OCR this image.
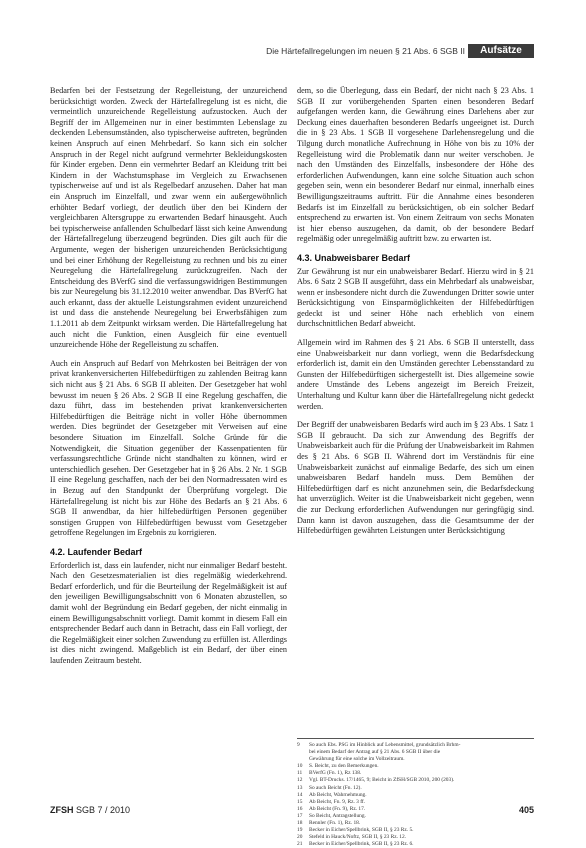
Die Härtefallregelungen im neuen § 21 Abs. 6 SGB II	Aufsätze

Bedarfen bei der Festsetzung der Regelleistung, der unzureichend berücksichtigt worden. Zweck der Härtefallregelung ist es nicht, die vermeintlich unzureichende Regelleistung aufzustocken. Auch der Begriff der im Allgemeinen nur in einer bestimmten Lebenslage zu deckenden Lebensumständen, also typischerweise auftreten, begründen keinen Anspruch auf einen Mehrbedarf. So kann sich ein solcher Anspruch in der Regel nicht aufgrund vermehrter Bekleidungskosten für Kinder ergeben. Denn ein vermehrter Bedarf an Kleidung tritt bei Kindern in der Wachstumsphase im Vergleich zu Erwachsenen typischerweise auf und ist als Regelbedarf anzusehen. Daher hat man ein Anspruch im Einzelfall, und zwar wenn ein außergewöhnlich erhöhter Bedarf vorliegt, der deutlich über den bei Kindern der vergleichbaren Altersgruppe zu erwartenden Bedarf hinausgeht. Auch bei typischerweise anfallenden Schulbedarf lässt sich keine Anwendung der Härtefallregelung überzeugend begründen. Dies gilt auch für die Argumente, wegen der bisherigen unzureichenden Berücksichtigung und bei einer Erhöhung der Regelleistung zu rechnen und bis zu einer Neuregelung die Härtefallregelung zurückzugreifen. Nach der Entscheidung des BVerfG sind die verfassungswidrigen Bestimmungen bis zur Neuregelung bis 31.12.2010 weiter anwendbar. Das BVerfG hat auch erkannt, dass der aktuelle Leistungsrahmen evident unzureichend ist und dass die anstehende Neuregelung bei Erwerbsfähigen zum 1.1.2011 ab dem Zeitpunkt wirksam werden. Die Härtefallregelung hat auch nicht die Funktion, einen Ausgleich für eine eventuell unzureichende Höhe der Regelleistung zu schaffen.

Auch ein Anspruch auf Bedarf von Mehrkosten bei Beiträgen der von privat krankenversicherten Hilfebedürftigen zu zahlenden Beitrag kann sich nicht aus § 21 Abs. 6 SGB II ableiten. Der Gesetzgeber hat wohl bewusst im neuen § 26 Abs. 2 SGB II eine Regelung geschaffen, die dazu führt, dass im bestehenden privat krankenversicherten Hilfebedürftigen die Beiträge nicht in voller Höhe übernommen werden. Dies begründet der Gesetzgeber mit Verweisen auf eine besondere Situation im Einzelfall. Solche Gründe für die Notwendigkeit, die Situation gegenüber der Kassenpatienten für verfassungsrechtliche Gründe nicht standhalten zu können, wird er unterschiedlich gesehen. Der Gesetzgeber hat in § 26 Abs. 2 Nr. 1 SGB II eine Regelung geschaffen, nach der bei den Normadressaten wird es in Bezug auf den Standpunkt der Überprüfung vorgelegt. Die Härtefallregelung ist nicht bis zur Höhe des Bedarfs an § 21 Abs. 6 SGB II anwendbar, da hier hilfebedürftigen Personen gegenüber sonstigen Gruppen von Hilfebedürftigen bewusst vom Gesetzgeber getroffene Regelungen im Ergebnis zu korrigieren.

4.2. Laufender Bedarf

Erforderlich ist, dass ein laufender, nicht nur einmaliger Bedarf besteht. Nach den Gesetzesmaterialien ist dies regelmäßig wiederkehrend. Bedarf erforderlich, und für die Beurteilung der Regelmäßigkeit ist auf den jeweiligen Bewilligungsabschnitt von 6 Monaten abzustellen, so damit wohl der Begründung ein Bedarf gegeben, der nicht einmalig in einem Bewilligungsabschnitt vorliegt. Damit kommt in diesem Fall ein entsprechender Bedarf auch dann in Betracht, dass ein Fall vorliegt, der die Regelmäßigkeit einer solchen Zuwendung zu erfüllen ist. Allerdings ist dies nicht zwingend. Maßgeblich ist ein Bedarf, der über einen laufenden Zeitraum besteht.

dem, so die Überlegung, dass ein Bedarf, der nicht nach § 23 Abs. 1 SGB II zur vorübergehenden Sparten einen besonderen Bedarf aufgefangen werden kann, die Gewährung eines Darlehens aber zur Deckung eines dauerhaften besonderen Bedarfs ungeeignet ist. Durch die in § 23 Abs. 1 SGB II vorgesehene Darlehensregelung und die Tilgung durch monatliche Aufrechnung in Höhe von bis zu 10% der Regelleistung wird die Problematik dann nur weiter verschoben. Je nach den Umständen des Einzelfalls, insbesondere der Höhe des erforderlichen Aufwendungen, kann eine solche Situation auch schon gegeben sein, wenn ein besonderer Bedarf nur einmal, innerhalb eines Bewilligungszeitraums auftritt. Für die Annahme eines besonderen Bedarfs ist im Einzelfall zu berücksichtigen, ob ein solcher Bedarf entsprechend zu erwarten ist. Von einem Zeitraum von sechs Monaten ist hier ebenso auszugehen, da damit, ob der besondere Bedarf regelmäßig oder unregelmäßig auftritt bzw. zu erwarten ist.

4.3. Unabweisbarer Bedarf

Zur Gewährung ist nur ein unabweisbarer Bedarf. Hierzu wird in § 21 Abs. 6 Satz 2 SGB II ausgeführt, dass ein Mehrbedarf als unabweisbar, wenn er insbesondere nicht durch die Zuwendungen Dritter sowie unter Berücksichtigung von Einsparmöglichkeiten der Hilfebedürftigen gedeckt ist und seiner Höhe nach erheblich von einem durchschnittlichen Bedarf abweicht.

Allgemein wird im Rahmen des § 21 Abs. 6 SGB II unterstellt, dass eine Unabweisbarkeit nur dann vorliegt, wenn die Bedarfsdeckung erforderlich ist, damit ein den Umständen gerechter Lebensstandard zu Gunsten der Hilfebedürftigen sichergestellt ist. Dies allgemeine sowie andere Umstände des Lebens angezeigt im Bereich Freizeit, Unterhaltung und Kultur kann über die Härtefallregelung nicht gedeckt werden.

Der Begriff der unabweisbaren Bedarfs wird auch im § 23 Abs. 1 Satz 1 SGB II gebraucht. Da sich zur Anwendung des Begriffs der Unabweisbarkeit auch für die Prüfung der Unabweisbarkeit im Rahmen des § 21 Abs. 6 SGB II. Während dort im Verständnis für eine Unabweisbarkeit zunächst auf einmalige Bedarfe, des sich um einen unabweisbaren Bedarf handeln muss. Dem Bemühen der Hilfebedürftigen darf es nicht anzunehmen sein, die Bedarfsdeckung hat unverzüglich. Weiter ist die Unabweisbarkeit nicht gegeben, wenn die zur Deckung erforderlichen Aufwendungen nur geringfügig sind. Dann kann ist davon auszugehen, dass die Gesamtsumme der der Hilfebedürftigen gewährten Leistungen unter Berücksichtigung

9 So auch Ebs. PSG im Hinblick auf Lebensmittel, grundsätzlich Brhm-
bei einem Bedarf der Antrag auf § 21 Abs. 6 SGB II über die
Gewährung für eine solche im Vollzeitraum.
10 S. Beicht, zu den Bemerkungen.
11 BVerfG (Fn. 1), Rz 138.
12 Vgl. BT-Drucks. 17/1465, 9; Beicht in ZfSH/SGB 2010, 200 (203).
13 So auch Beicht (Fn. 12).
14 Ab Beicht, Wahrnehmung.
15 Ab Beicht, Fn. 9, Rz. 3 ff.
16 Ab Beicht (Fn. 9), Rz. 17.
17 So Beicht, Antragstellung.
18 Rennler (Fn. 1), Rz. 18.
19 Becker in Eicher/Spellbrink, SGB II, § 23 Rz. 5.
20 Stefeld in Hauck/Noftz, SGB II, § 23 Rz. 12.
21 Becker in Eicher/Spellbrink, SGB II, § 23 Rz. 6.
ZFSH SGB 7 / 2010	405
